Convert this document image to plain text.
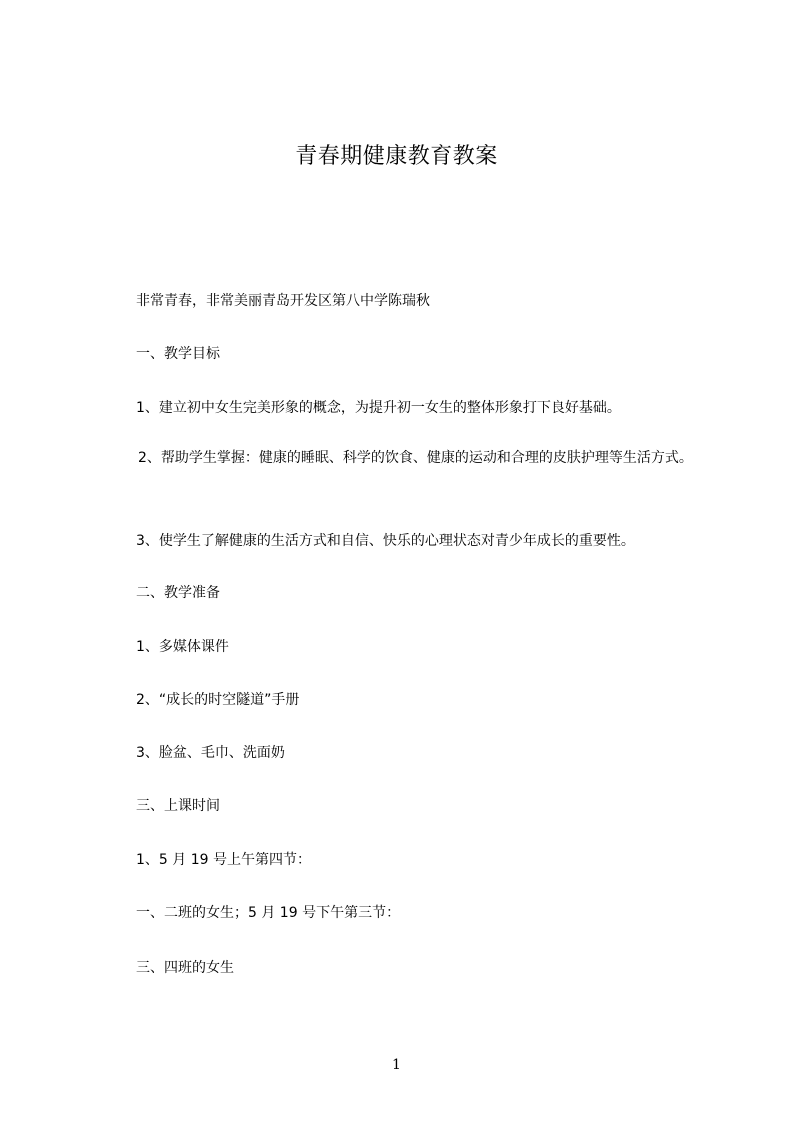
青春期健康教育教案

非常青春，非常美丽青岛开发区第八中学陈瑞秋

一、教学目标

1、建立初中女生完美形象的概念，为提升初一女生的整体形象打下良好基础。

2、帮助学生掌握：健康的睡眠、科学的饮食、健康的运动和合理的皮肤护理等生活方式。

3、使学生了解健康的生活方式和自信、快乐的心理状态对青少年成长的重要性。

二、教学准备

1、多媒体课件

2、“成长的时空隧道”手册

3、脸盆、毛巾、洗面奶

三、上课时间

1、5 月 19 号上午第四节：

一、二班的女生；5 月 19 号下午第三节：

三、四班的女生

1
